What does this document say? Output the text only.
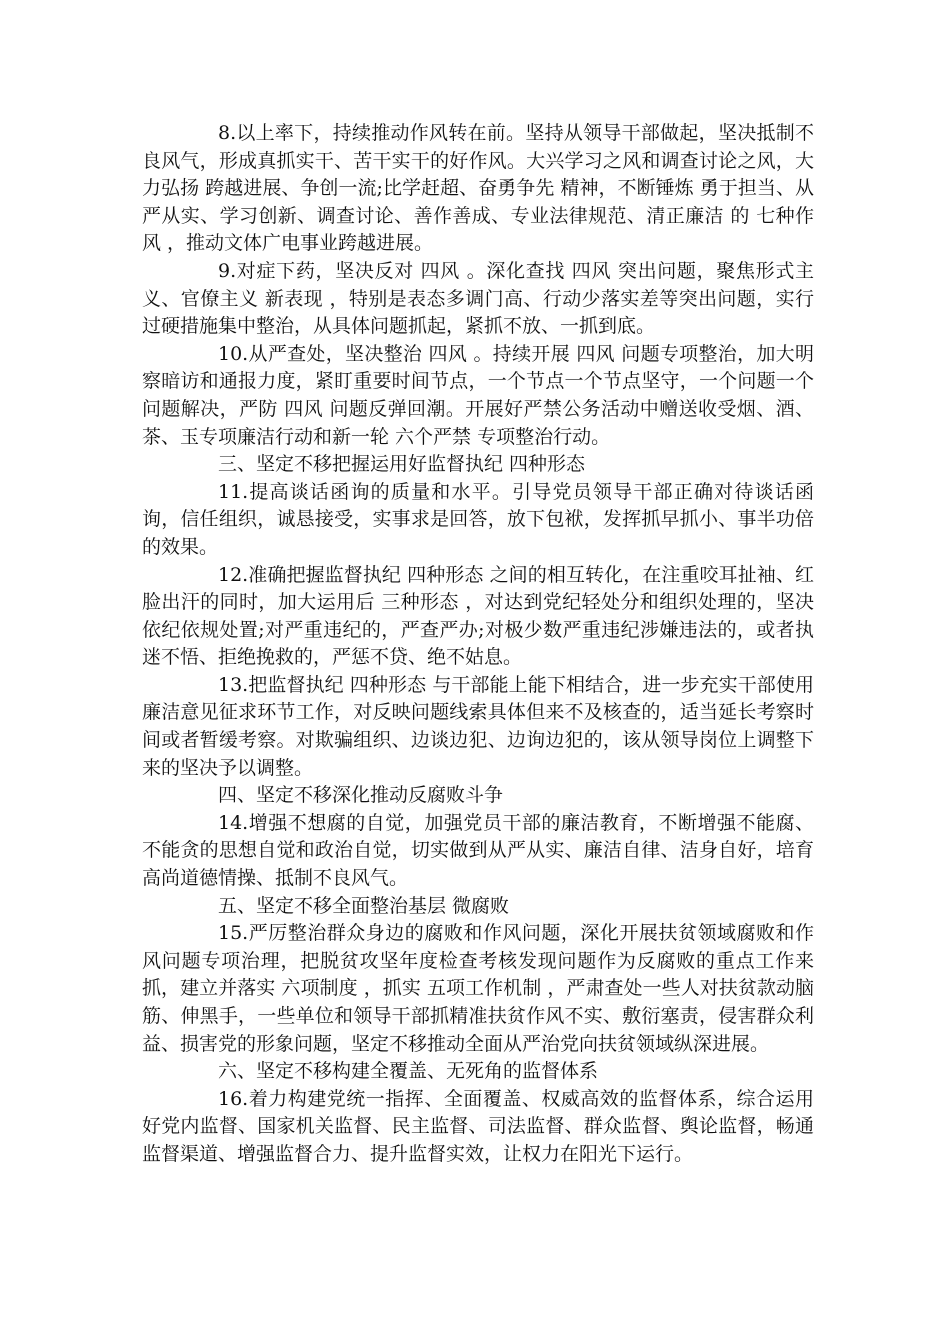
8.以上率下，持续推动作风转在前。坚持从领导干部做起，坚决抵制不良风气，形成真抓实干、苦干实干的好作风。大兴学习之风和调查讨论之风，大力弘扬 跨越进展、争创一流;比学赶超、奋勇争先 精神，不断锤炼 勇于担当、从严从实、学习创新、调查讨论、善作善成、专业法律规范、清正廉洁 的 七种作风 ，推动文体广电事业跨越进展。

9.对症下药，坚决反对 四风 。深化查找 四风 突出问题，聚焦形式主义、官僚主义 新表现 ，特别是表态多调门高、行动少落实差等突出问题，实行过硬措施集中整治，从具体问题抓起，紧抓不放、一抓到底。

10.从严查处，坚决整治 四风 。持续开展 四风 问题专项整治，加大明察暗访和通报力度，紧盯重要时间节点，一个节点一个节点坚守，一个问题一个问题解决，严防 四风 问题反弹回潮。开展好严禁公务活动中赠送收受烟、酒、茶、玉专项廉洁行动和新一轮 六个严禁 专项整治行动。

三、坚定不移把握运用好监督执纪 四种形态

11.提高谈话函询的质量和水平。引导党员领导干部正确对待谈话函询，信任组织，诚恳接受，实事求是回答，放下包袱，发挥抓早抓小、事半功倍的效果。

12.准确把握监督执纪 四种形态 之间的相互转化，在注重咬耳扯袖、红脸出汗的同时，加大运用后 三种形态 ，对达到党纪轻处分和组织处理的，坚决依纪依规处置;对严重违纪的，严查严办;对极少数严重违纪涉嫌违法的，或者执迷不悟、拒绝挽救的，严惩不贷、绝不姑息。

13.把监督执纪 四种形态 与干部能上能下相结合，进一步充实干部使用廉洁意见征求环节工作，对反映问题线索具体但来不及核查的，适当延长考察时间或者暂缓考察。对欺骗组织、边谈边犯、边询边犯的，该从领导岗位上调整下来的坚决予以调整。

四、坚定不移深化推动反腐败斗争

14.增强不想腐的自觉，加强党员干部的廉洁教育，不断增强不能腐、不能贪的思想自觉和政治自觉，切实做到从严从实、廉洁自律、洁身自好，培育高尚道德情操、抵制不良风气。

五、坚定不移全面整治基层 微腐败

15.严厉整治群众身边的腐败和作风问题，深化开展扶贫领域腐败和作风问题专项治理，把脱贫攻坚年度检查考核发现问题作为反腐败的重点工作来抓，建立并落实 六项制度 ，抓实 五项工作机制 ，严肃查处一些人对扶贫款动脑筋、伸黑手，一些单位和领导干部抓精准扶贫作风不实、敷衍塞责，侵害群众利益、损害党的形象问题，坚定不移推动全面从严治党向扶贫领域纵深进展。

六、坚定不移构建全覆盖、无死角的监督体系

16.着力构建党统一指挥、全面覆盖、权威高效的监督体系，综合运用好党内监督、国家机关监督、民主监督、司法监督、群众监督、舆论监督，畅通监督渠道、增强监督合力、提升监督实效，让权力在阳光下运行。
